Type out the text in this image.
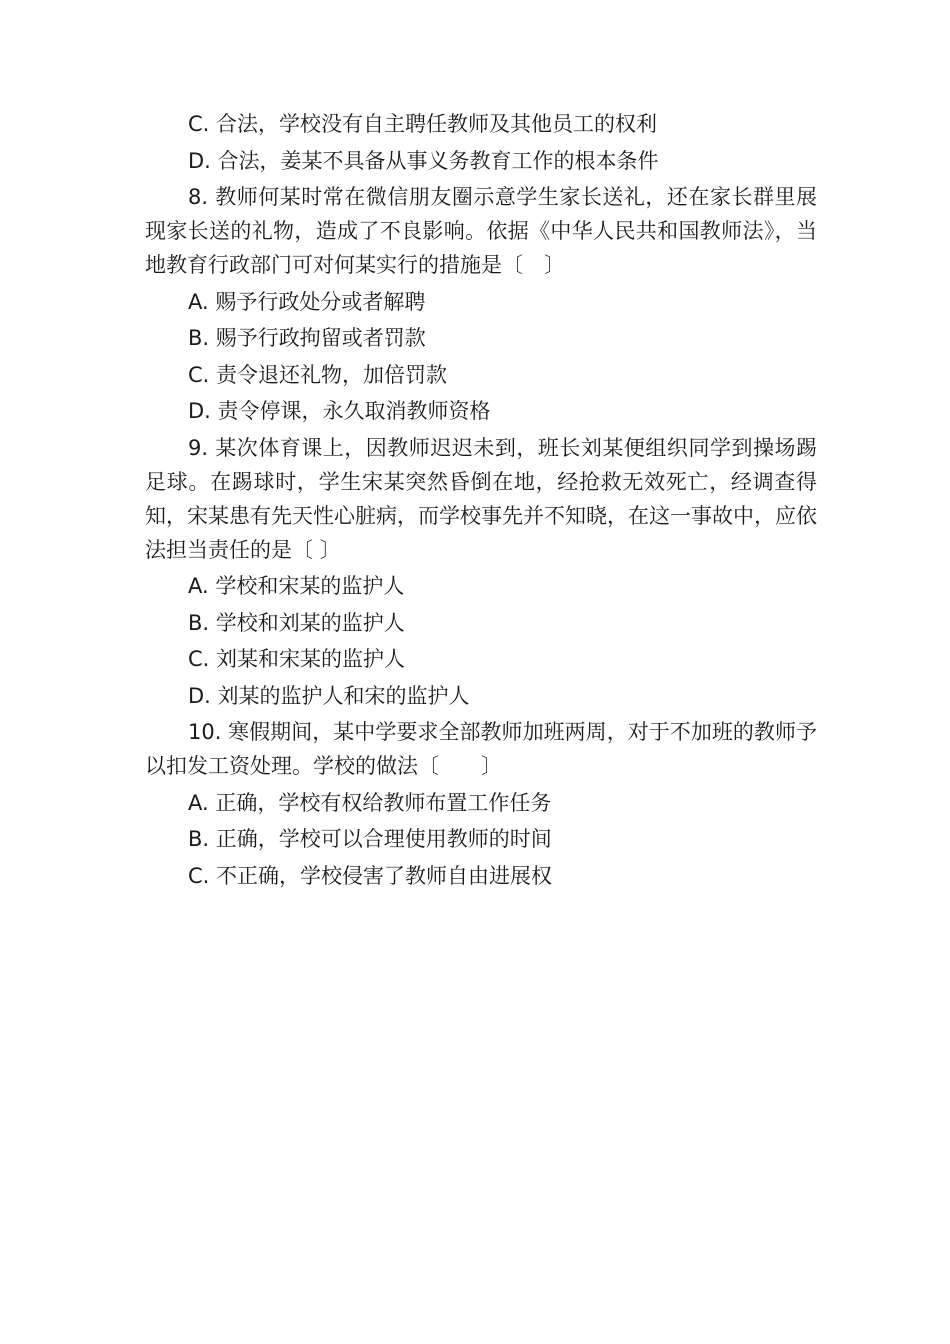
C. 合法，学校没有自主聘任教师及其他员工的权利
D. 合法，姜某不具备从事义务教育工作的根本条件
8. 教师何某时常在微信朋友圈示意学生家长送礼，还在家长群里展现家长送的礼物，造成了不良影响。依据《中华人民共和国教师法》，当地教育行政部门可对何某实行的措施是〔　〕
A. 赐予行政处分或者解聘
B. 赐予行政拘留或者罚款
C. 责令退还礼物，加倍罚款
D. 责令停课，永久取消教师资格
9. 某次体育课上，因教师迟迟未到，班长刘某便组织同学到操场踢足球。在踢球时，学生宋某突然昏倒在地，经抢救无效死亡，经调查得知，宋某患有先天性心脏病，而学校事先并不知晓，在这一事故中，应依法担当责任的是〔 〕
A. 学校和宋某的监护人
B. 学校和刘某的监护人
C. 刘某和宋某的监护人
D. 刘某的监护人和宋的监护人
10. 寒假期间，某中学要求全部教师加班两周，对于不加班的教师予以扣发工资处理。学校的做法〔　　〕
A. 正确，学校有权给教师布置工作任务
B. 正确，学校可以合理使用教师的时间
C. 不正确，学校侵害了教师自由进展权
